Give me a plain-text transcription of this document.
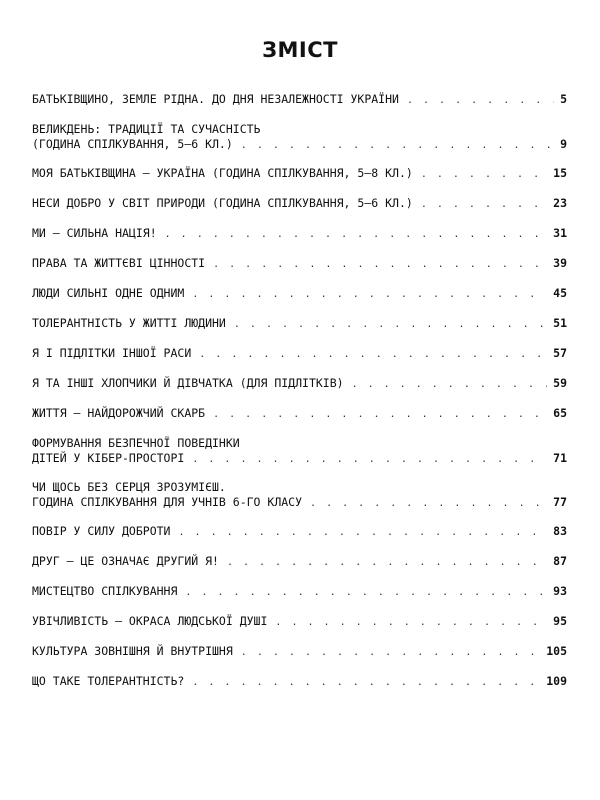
ЗМІСТ
БАТЬКІВЩИНО, ЗЕМЛЕ РІДНА. ДО ДНЯ НЕЗАЛЕЖНОСТІ УКРАЇНИ . . .	5
ВЕЛИКДЕНЬ: ТРАДИЦІЇ ТА СУЧАСНІСТЬ
(ГОДИНА СПІЛКУВАННЯ, 5–6 КЛ.) . . .	9
МОЯ БАТЬКІВЩИНА — УКРАЇНА (ГОДИНА СПІЛКУВАННЯ, 5–8 КЛ.) . . .	15
НЕСИ ДОБРО У СВІТ ПРИРОДИ (ГОДИНА СПІЛКУВАННЯ, 5–6 КЛ.) . . .	23
МИ — СИЛЬНА НАЦІЯ! . . .	31
ПРАВА ТА ЖИТТЄВІ ЦІННОСТІ . . .	39
ЛЮДИ СИЛЬНІ ОДНЕ ОДНИМ . . .	45
ТОЛЕРАНТНІСТЬ У ЖИТТІ ЛЮДИНИ . . .	51
Я І ПІДЛІТКИ ІНШОЇ РАСИ . . .	57
Я ТА ІНШІ ХЛОПЧИКИ Й ДІВЧАТКА (ДЛЯ ПІДЛІТКІВ) . . .	59
ЖИТТЯ — НАЙДОРОЖЧИЙ СКАРБ . . .	65
ФОРМУВАННЯ БЕЗПЕЧНОЇ ПОВЕДІНКИ
ДІТЕЙ У КІБЕР-ПРОСТОРІ . . .	71
ЧИ ЩОСЬ БЕЗ СЕРЦЯ ЗРОЗУМІЄШ.
ГОДИНА СПІЛКУВАННЯ ДЛЯ УЧНІВ 6-ГО КЛАСУ . . .	77
ПОВІР У СИЛУ ДОБРОТИ . . .	83
ДРУГ — ЦЕ ОЗНАЧАЄ ДРУГИЙ Я! . . .	87
МИСТЕЦТВО СПІЛКУВАННЯ . . .	93
УВІЧЛИВІСТЬ — ОКРАСА ЛЮДСЬКОЇ ДУШІ . . .	95
КУЛЬТУРА ЗОВНІШНЯ Й ВНУТРІШНЯ . . .	105
ЩО ТАКЕ ТОЛЕРАНТНІСТЬ? . . .	109
